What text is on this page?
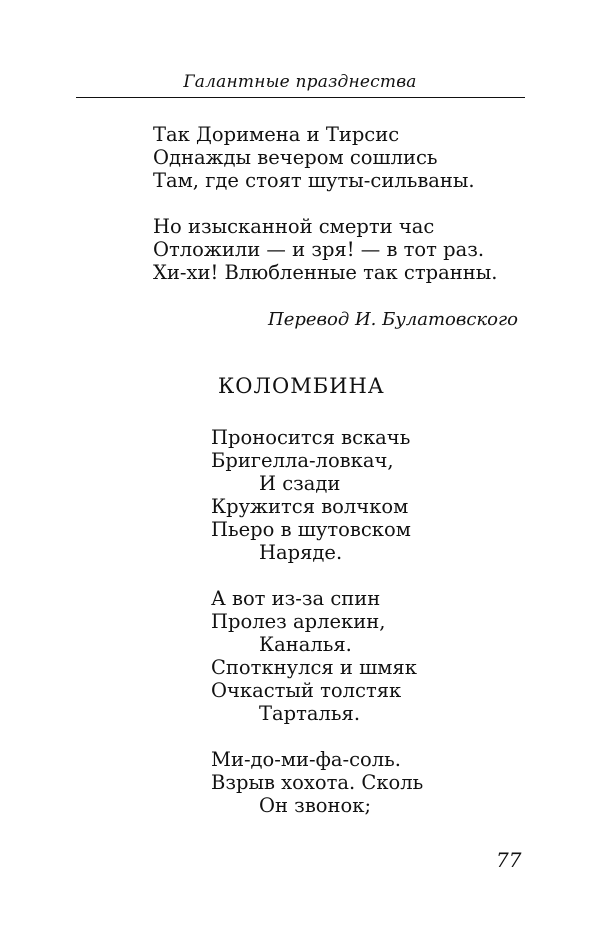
Галантные празднества
Так Доримена и Тирсис
Однажды вечером сошлись
Там, где стоят шуты-сильваны.
Но изысканной смерти час
Отложили — и зря! — в тот раз.
Хи-хи! Влюбленные так странны.
Перевод И. Булатовского
КОЛОМБИНА
Проносится вскачь
Бригелла-ловкач,
И сзади
Кружится волчком
Пьеро в шутовском
Наряде.
А вот из-за спин
Пролез арлекин,
Каналья.
Споткнулся и шмяк
Очкастый толстяк
Тарталья.
Ми-до-ми-фа-соль.
Взрыв хохота. Сколь
Он звонок;
77
